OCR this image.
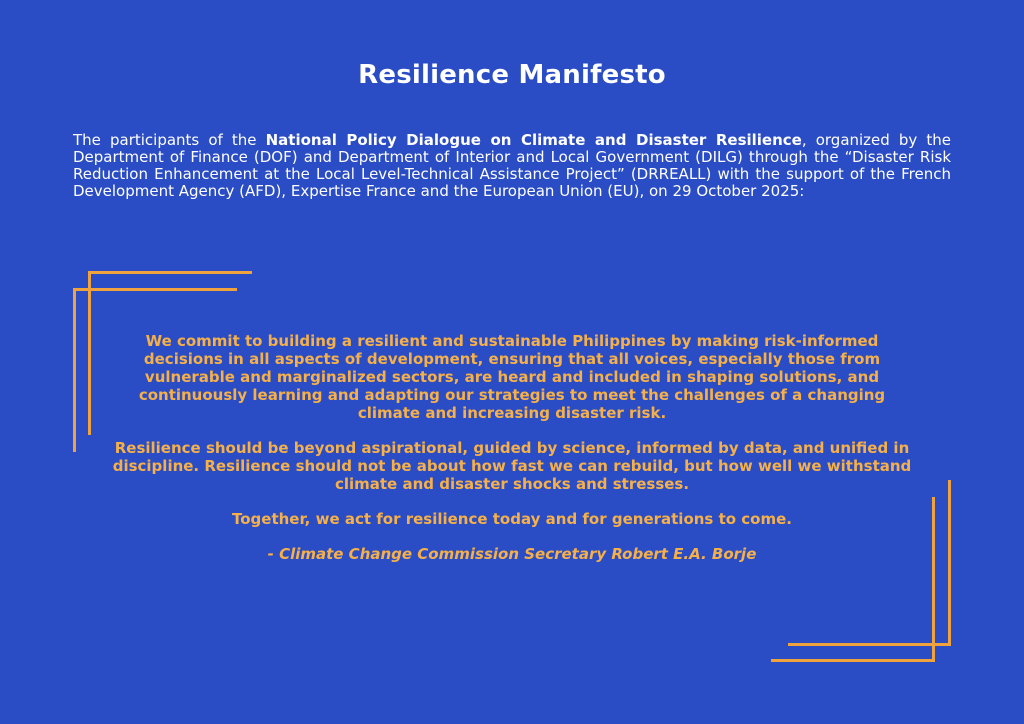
Resilience Manifesto
The participants of the National Policy Dialogue on Climate and Disaster Resilience, organized by the Department of Finance (DOF) and Department of Interior and Local Government (DILG) through the “Disaster Risk Reduction Enhancement at the Local Level-Technical Assistance Project” (DRREALL) with the support of the French Development Agency (AFD), Expertise France and the European Union (EU), on 29 October 2025:

We commit to building a resilient and sustainable Philippines by making risk-informed decisions in all aspects of development, ensuring that all voices, especially those from vulnerable and marginalized sectors, are heard and included in shaping solutions, and continuously learning and adapting our strategies to meet the challenges of a changing climate and increasing disaster risk.

Resilience should be beyond aspirational, guided by science, informed by data, and unified in discipline. Resilience should not be about how fast we can rebuild, but how well we withstand climate and disaster shocks and stresses.

Together, we act for resilience today and for generations to come.

- Climate Change Commission Secretary Robert E.A. Borje
